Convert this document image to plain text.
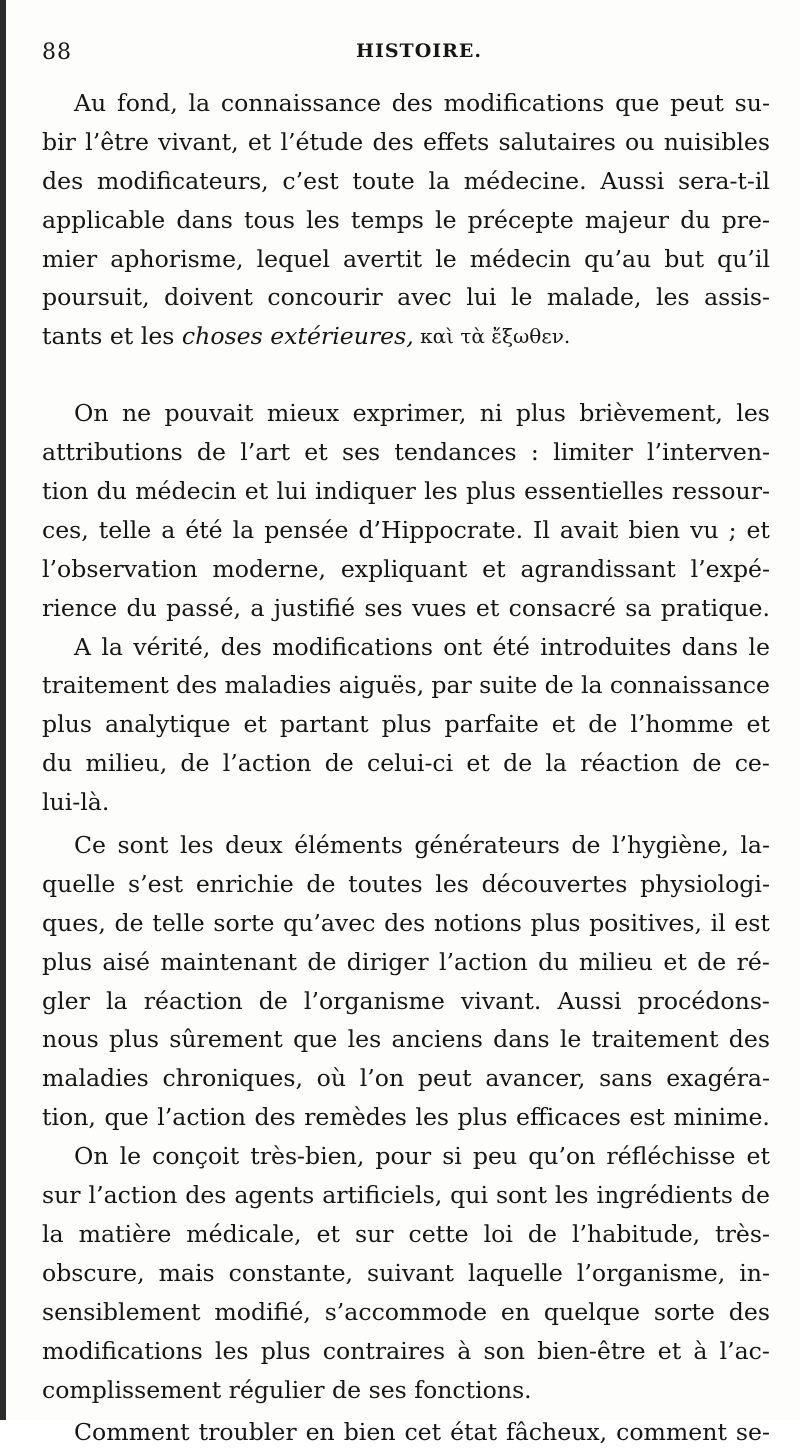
88	HISTOIRE.
Au fond, la connaissance des modifications que peut su-
bir l’être vivant, et l’étude des effets salutaires ou nuisibles
des modificateurs, c’est toute la médecine. Aussi sera-t-il
applicable dans tous les temps le précepte majeur du pre-
mier aphorisme, lequel avertit le médecin qu’au but qu’il
poursuit, doivent concourir avec lui le malade, les assis-
tants et les choses extérieures, καὶ τὰ ἔξωθεν.
On ne pouvait mieux exprimer, ni plus brièvement, les
attributions de l’art et ses tendances : limiter l’interven-
tion du médecin et lui indiquer les plus essentielles ressour-
ces, telle a été la pensée d’Hippocrate. Il avait bien vu ; et
l’observation moderne, expliquant et agrandissant l’expé-
rience du passé, a justifié ses vues et consacré sa pratique.
A la vérité, des modifications ont été introduites dans le
traitement des maladies aiguës, par suite de la connaissance
plus analytique et partant plus parfaite et de l’homme et
du milieu, de l’action de celui-ci et de la réaction de ce-
lui-là.
Ce sont les deux éléments générateurs de l’hygiène, la-
quelle s’est enrichie de toutes les découvertes physiologi-
ques, de telle sorte qu’avec des notions plus positives, il est
plus aisé maintenant de diriger l’action du milieu et de ré-
gler la réaction de l’organisme vivant. Aussi procédons-
nous plus sûrement que les anciens dans le traitement des
maladies chroniques, où l’on peut avancer, sans exagéra-
tion, que l’action des remèdes les plus efficaces est minime.
On le conçoit très-bien, pour si peu qu’on réfléchisse et
sur l’action des agents artificiels, qui sont les ingrédients de
la matière médicale, et sur cette loi de l’habitude, très-
obscure, mais constante, suivant laquelle l’organisme, in-
sensiblement modifié, s’accommode en quelque sorte des
modifications les plus contraires à son bien-être et à l’ac-
complissement régulier de ses fonctions.
Comment troubler en bien cet état fâcheux, comment se-
